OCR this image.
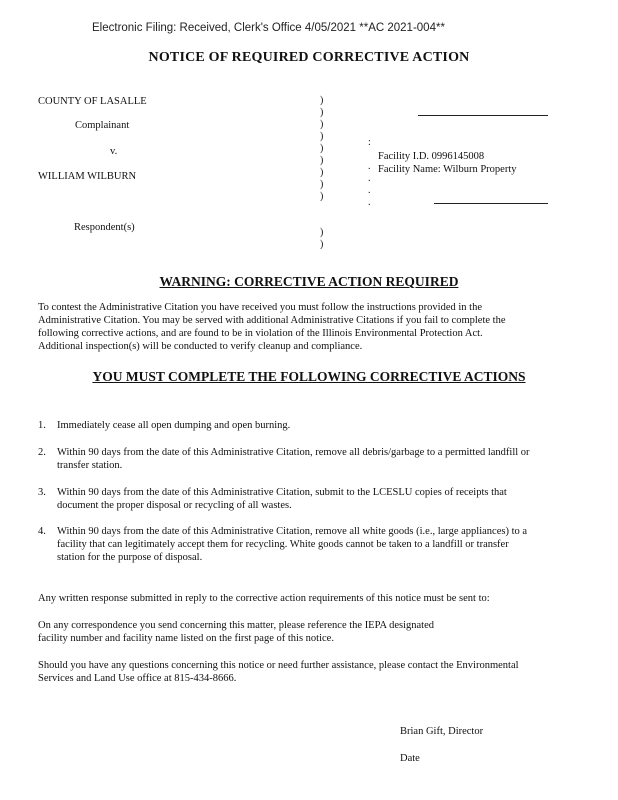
Electronic Filing: Received, Clerk's Office 4/05/2021 **AC 2021-004**
NOTICE OF REQUIRED CORRECTIVE ACTION
COUNTY OF LASALLE
Complainant
v.
WILLIAM WILBURN
Respondent(s)
)
)
)
)
)
)
)
)
)

)
)
:

.
.
.
.
Facility I.D. 0996145008
Facility Name: Wilburn Property
WARNING: CORRECTIVE ACTION REQUIRED
To contest the Administrative Citation you have received you must follow the instructions provided in the
Administrative Citation. You may be served with additional Administrative Citations if you fail to complete the
following corrective actions, and are found to be in violation of the Illinois Environmental Protection Act.
Additional inspection(s) will be conducted to verify cleanup and compliance.
YOU MUST COMPLETE THE FOLLOWING CORRECTIVE ACTIONS
1. Immediately cease all open dumping and open burning.
2. Within 90 days from the date of this Administrative Citation, remove all debris/garbage to a permitted landfill or
transfer station.
3. Within 90 days from the date of this Administrative Citation, submit to the LCESLU copies of receipts that
document the proper disposal or recycling of all wastes.
4. Within 90 days from the date of this Administrative Citation, remove all white goods (i.e., large appliances) to a
facility that can legitimately accept them for recycling. White goods cannot be taken to a landfill or transfer
station for the purpose of disposal.
Any written response submitted in reply to the corrective action requirements of this notice must be sent to:
On any correspondence you send concerning this matter, please reference the IEPA designated
facility number and facility name listed on the first page of this notice.
Should you have any questions concerning this notice or need further assistance, please contact the Environmental
Services and Land Use office at 815-434-8666.
Brian Gift, Director
Date
